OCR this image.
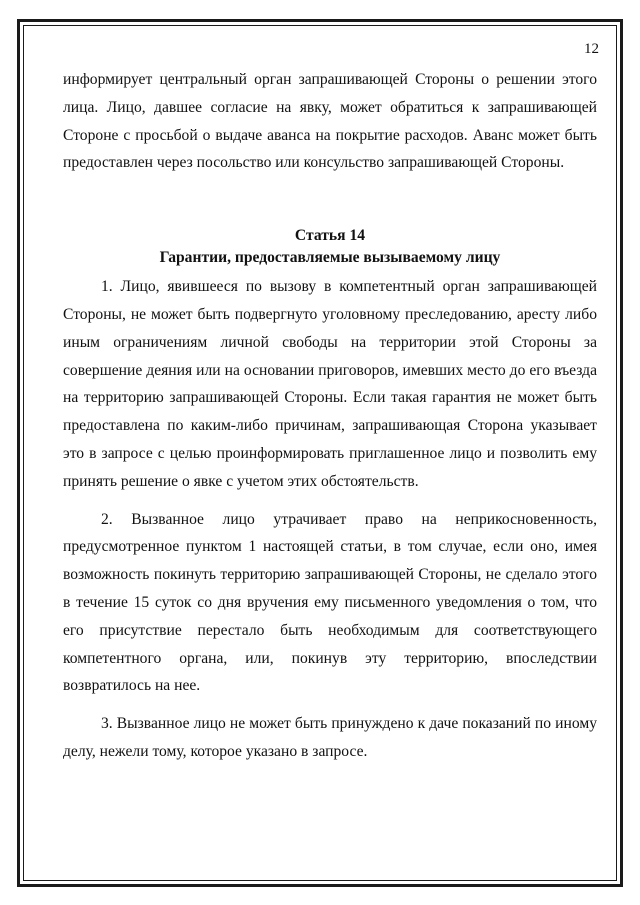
12

информирует центральный орган запрашивающей Стороны о решении этого лица. Лицо, давшее согласие на явку, может обратиться к запрашивающей Стороне с просьбой о выдаче аванса на покрытие расходов. Аванс может быть предоставлен через посольство или консульство запрашивающей Стороны.

Статья 14
Гарантии, предоставляемые вызываемому лицу

1. Лицо, явившееся по вызову в компетентный орган запрашивающей Стороны, не может быть подвергнуто уголовному преследованию, аресту либо иным ограничениям личной свободы на территории этой Стороны за совершение деяния или на основании приговоров, имевших место до его въезда на территорию запрашивающей Стороны. Если такая гарантия не может быть предоставлена по каким-либо причинам, запрашивающая Сторона указывает это в запросе с целью проинформировать приглашенное лицо и позволить ему принять решение о явке с учетом этих обстоятельств.

2. Вызванное лицо утрачивает право на неприкосновенность, предусмотренное пунктом 1 настоящей статьи, в том случае, если оно, имея возможность покинуть территорию запрашивающей Стороны, не сделало этого в течение 15 суток со дня вручения ему письменного уведомления о том, что его присутствие перестало быть необходимым для соответствующего компетентного органа, или, покинув эту территорию, впоследствии возвратилось на нее.

3. Вызванное лицо не может быть принуждено к даче показаний по иному делу, нежели тому, которое указано в запросе.
